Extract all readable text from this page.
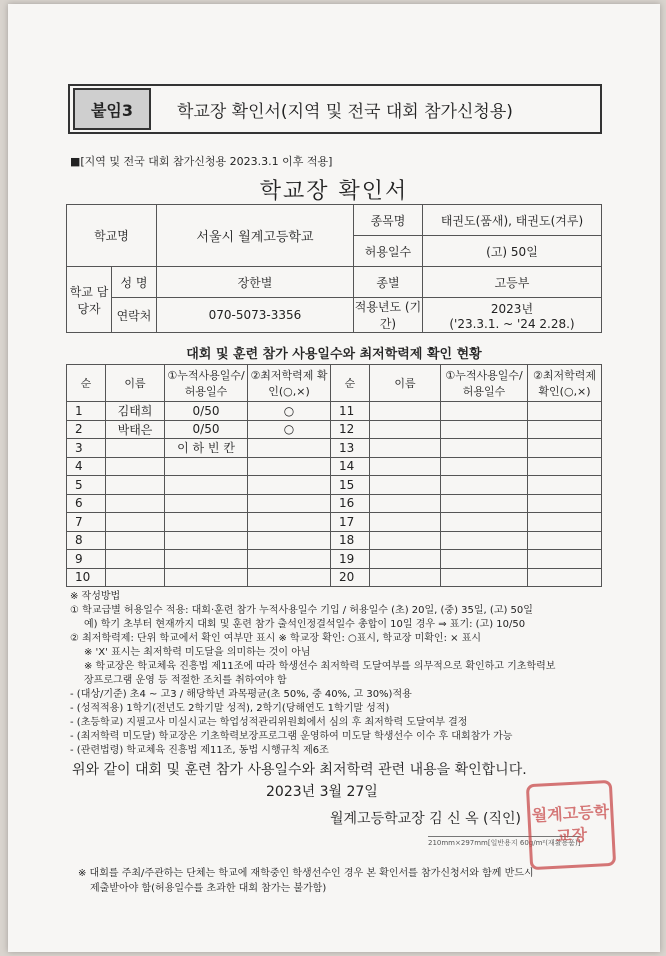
붙임3	학교장 확인서(지역 및 전국 대회 참가신청용)
■[지역 및 전국 대회 참가신청용 2023.3.1 이후 적용]
학교장 확인서
학교명		서울시 월계고등학교	종목명	태권도(품새), 태권도(겨루)
			허용일수	(고) 50일
학교 담당자	성 명	장한별	종별	고등부
	연락처	070-5073-3356	적용년도 (기간)	2023년
('23.3.1. ~ '24 2.28.)
대회 및 훈련 참가 사용일수와 최저학력제 확인 현황
순	이름	①누적사용일수/허용일수	②최저학력제 확인(○,×)	순	이름	①누적사용일수/허용일수	②최저학력제 확인(○,×)
1	김태희	0/50	○	11			
2	박태은	0/50	○	12			
3		이 하 빈 칸		13			
4				14			
5				15			
6				16			
7				17			
8				18			
9				19			
10				20			
※ 작성방법
① 학교급별 허용일수 적용: 대회·훈련 참가 누적사용일수 기입 / 허용일수 (초) 20일, (중) 35일, (고) 50일
예) 학기 초부터 현재까지 대회 및 훈련 참가 출석인정결석일수 총합이 10일 경우 ⇒ 표기: (고) 10/50
② 최저학력제: 단위 학교에서 확인 여부만 표시 ※ 학교장 확인: ○표시, 학교장 미확인: × 표시
※ 'X' 표시는 최저학력 미도달을 의미하는 것이 아님
※ 학교장은 학교체육 진흥법 제11조에 따라 학생선수 최저학력 도달여부를 의무적으로 확인하고 기초학력보
장프로그램 운영 등 적절한 조치를 취하여야 함
- (대상/기준) 초4 ~ 고3 / 해당학년 과목평균(초 50%, 중 40%, 고 30%)적용
- (성적적용) 1학기(전년도 2학기말 성적), 2학기(당해연도 1학기말 성적)
- (초등학교) 지필고사 미실시교는 학업성적관리위원회에서 심의 후 최저학력 도달여부 결정
- (최저학력 미도달) 학교장은 기초학력보장프로그램 운영하여 미도달 학생선수 이수 후 대회참가 가능
- (관련법령) 학교체육 진흥법 제11조, 동법 시행규칙 제6조
위와 같이 대회 및 훈련 참가 사용일수와 최저학력 관련 내용을 확인합니다.
2023년 3월 27일
월계고등학교장 김 신 옥 (직인)
210mm×297mm[일반용지 60g/m²(재활용품)]
월계고등학교장
※ 대회를 주최/주관하는 단체는 학교에 재학중인 학생선수인 경우 본 확인서를 참가신청서와 함께 반드시
제출받아야 함(허용일수를 초과한 대회 참가는 불가함)
